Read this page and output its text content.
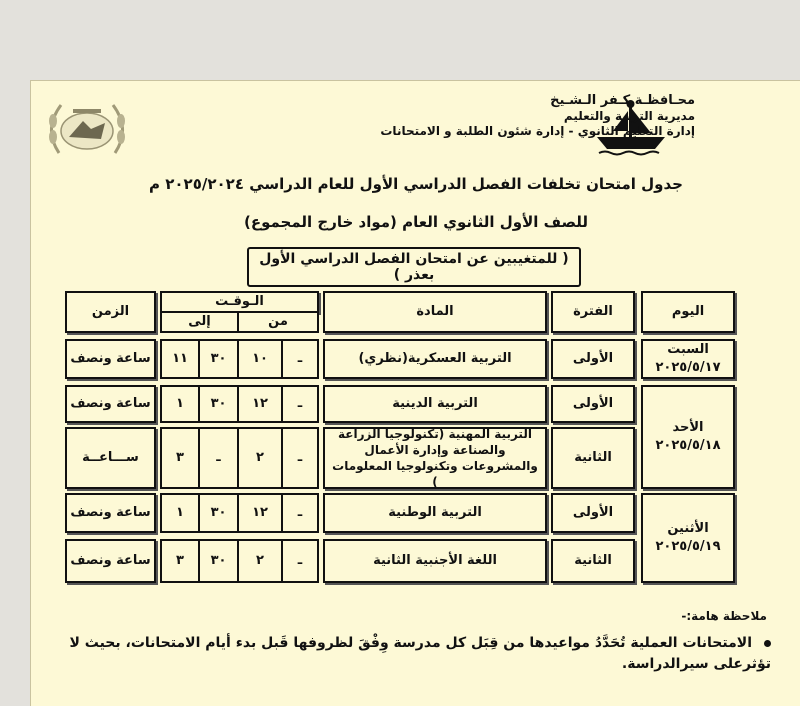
محـافظـة كـفر الـشـيخ
مديرية التربية والتعليم
إدارة التعليم الثانوي - إدارة شئون الطلبة و الامتحانات
جدول امتحان تخلفات الفصل الدراسي الأول للعام الدراسي ٢٠٢٥/٢٠٢٤ م
للصف الأول الثانوي العام (مواد خارج المجموع)
( للمتغيبين عن امتحان الفصل الدراسي الأول بعذر )
اليوم
الفترة
المادة
الـوقـت
من
إلى
الزمن
السبت
٢٠٢٥/٥/١٧
الأحد
٢٠٢٥/٥/١٨
الأثنين
٢٠٢٥/٥/١٩
الأولى
التربية العسكرية(نظري)
ـ
١٠
٣٠
١١
ساعة ونصف
الأولى
التربية الدينية
ـ
١٢
٣٠
١
ساعة ونصف
الثانية
التربية المهنية (تكنولوجيا الزراعة والصناعة وإدارة الأعمال والمشروعات وتكنولوجيا المعلومات )
ـ
٢
ـ
٣
ســـاعــة
الأولى
التربية الوطنية
ـ
١٢
٣٠
١
ساعة ونصف
الثانية
اللغة الأجنبية الثانية
ـ
٢
٣٠
٣
ساعة ونصف
ملاحظة هامة:-
الامتحانات العملية تُحَدَّدُ مواعيدها من قِبَل كل مدرسة وِفْقَ لظروفها قَبل بدء أيام الامتحانات، بحيث لا تؤثرعلى سيرالدراسة.
